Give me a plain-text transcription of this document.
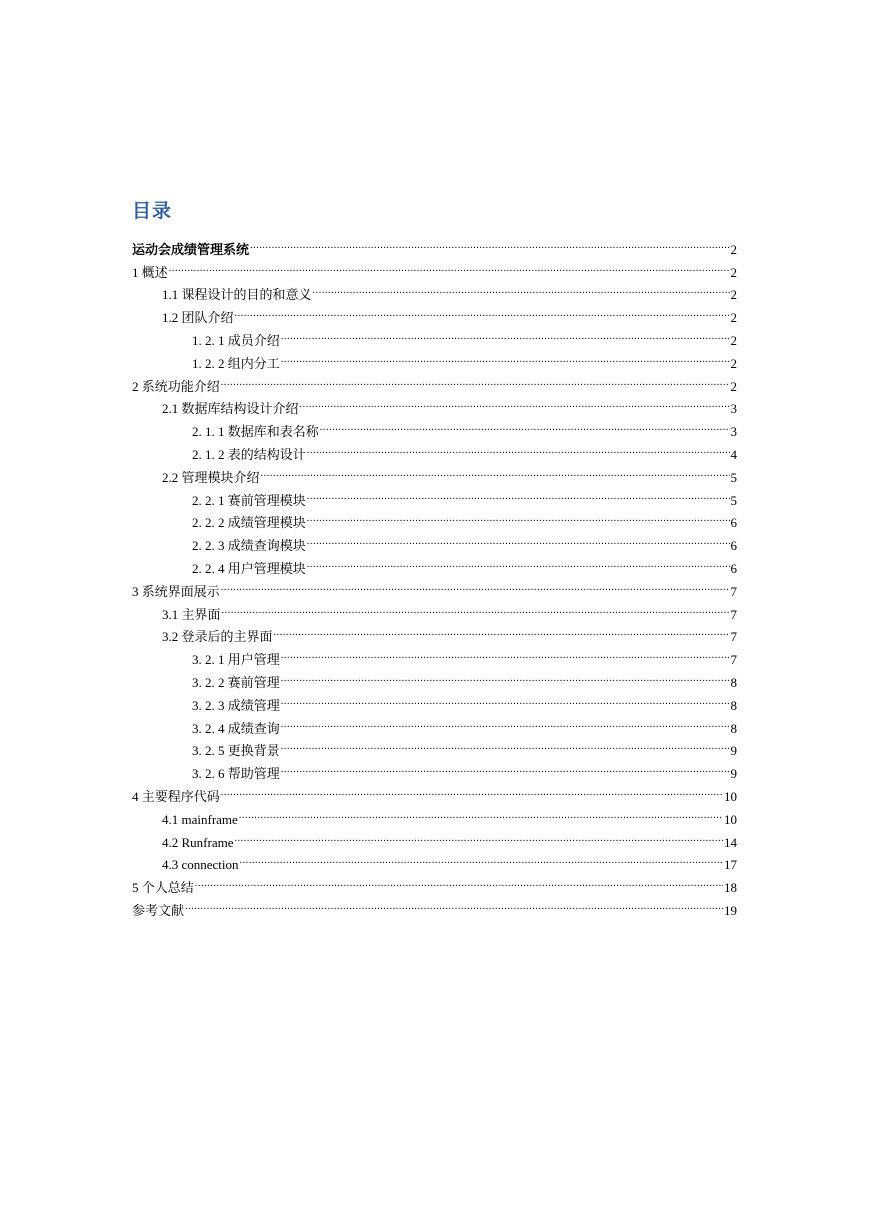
目录
运动会成绩管理系统 .....	2
1 概述 .....	2
1.1 课程设计的目的和意义 .....	2
1.2 团队介绍 .....	2
1. 2. 1 成员介绍 .....	2
1. 2. 2 组内分工 .....	2
2 系统功能介绍 .....	2
2.1 数据库结构设计介绍 .....	3
2. 1. 1 数据库和表名称 .....	3
2. 1. 2 表的结构设计 .....	4
2.2 管理模块介绍 .....	5
2. 2. 1 赛前管理模块 .....	5
2. 2. 2 成绩管理模块 .....	6
2. 2. 3 成绩查询模块 .....	6
2. 2. 4 用户管理模块 .....	6
3 系统界面展示 .....	7
3.1 主界面 .....	7
3.2 登录后的主界面 .....	7
3. 2. 1 用户管理 .....	7
3. 2. 2 赛前管理 .....	8
3. 2. 3 成绩管理 .....	8
3. 2. 4 成绩查询 .....	8
3. 2. 5 更换背景 .....	9
3. 2. 6 帮助管理 .....	9
4 主要程序代码 .....	10
4.1 mainframe .....	10
4.2 Runframe .....	14
4.3 connection .....	17
5 个人总结 .....	18
参考文献 .....	19
